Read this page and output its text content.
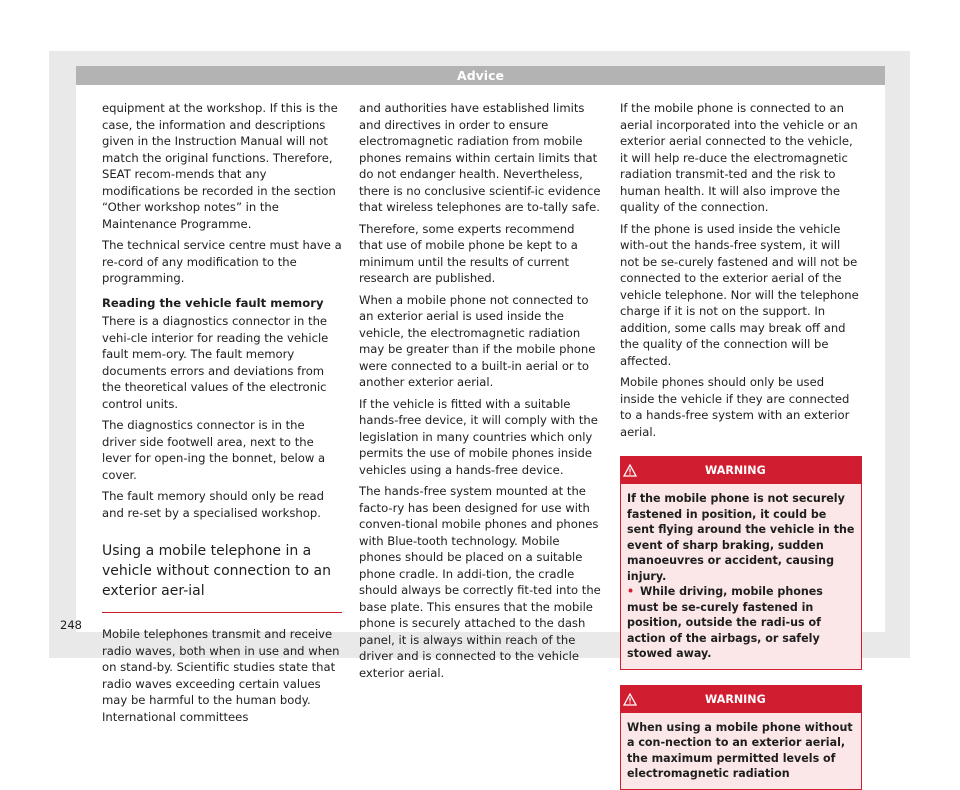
Advice

equipment at the workshop. If this is the case, the information and descriptions given in the Instruction Manual will not match the original functions. Therefore, SEAT recom-mends that any modifications be recorded in the section “Other workshop notes” in the Maintenance Programme.

The technical service centre must have a re-cord of any modification to the programming.

Reading the vehicle fault memory

There is a diagnostics connector in the vehi-cle interior for reading the vehicle fault mem-ory. The fault memory documents errors and deviations from the theoretical values of the electronic control units.

The diagnostics connector is in the driver side footwell area, next to the lever for open-ing the bonnet, below a cover.

The fault memory should only be read and re-set by a specialised workshop.

Using a mobile telephone in a vehicle without connection to an exterior aer-ial

Mobile telephones transmit and receive radio waves, both when in use and when on stand-by. Scientific studies state that radio waves exceeding certain values may be harmful to the human body. International committees

and authorities have established limits and directives in order to ensure electromagnetic radiation from mobile phones remains within certain limits that do not endanger health. Nevertheless, there is no conclusive scientif-ic evidence that wireless telephones are to-tally safe.

Therefore, some experts recommend that use of mobile phone be kept to a minimum until the results of current research are published.

When a mobile phone not connected to an exterior aerial is used inside the vehicle, the electromagnetic radiation may be greater than if the mobile phone were connected to a built-in aerial or to another exterior aerial.

If the vehicle is fitted with a suitable hands-free device, it will comply with the legislation in many countries which only permits the use of mobile phones inside vehicles using a hands-free device.

The hands-free system mounted at the facto-ry has been designed for use with conven-tional mobile phones and phones with Blue-tooth technology. Mobile phones should be placed on a suitable phone cradle. In addi-tion, the cradle should always be correctly fit-ted into the base plate. This ensures that the mobile phone is securely attached to the dash panel, it is always within reach of the driver and is connected to the vehicle exterior aerial.

If the mobile phone is connected to an aerial incorporated into the vehicle or an exterior aerial connected to the vehicle, it will help re-duce the electromagnetic radiation transmit-ted and the risk to human health. It will also improve the quality of the connection.

If the phone is used inside the vehicle with-out the hands-free system, it will not be se-curely fastened and will not be connected to the exterior aerial of the vehicle telephone. Nor will the telephone charge if it is not on the support. In addition, some calls may break off and the quality of the connection will be affected.

Mobile phones should only be used inside the vehicle if they are connected to a hands-free system with an exterior aerial.

WARNING

If the mobile phone is not securely fastened in position, it could be sent flying around the vehicle in the event of sharp braking, sudden manoeuvres or accident, causing injury.

• While driving, mobile phones must be se-curely fastened in position, outside the radi-us of action of the airbags, or safely stowed away.

WARNING

When using a mobile phone without a con-nection to an exterior aerial, the maximum permitted levels of electromagnetic radiation

248
